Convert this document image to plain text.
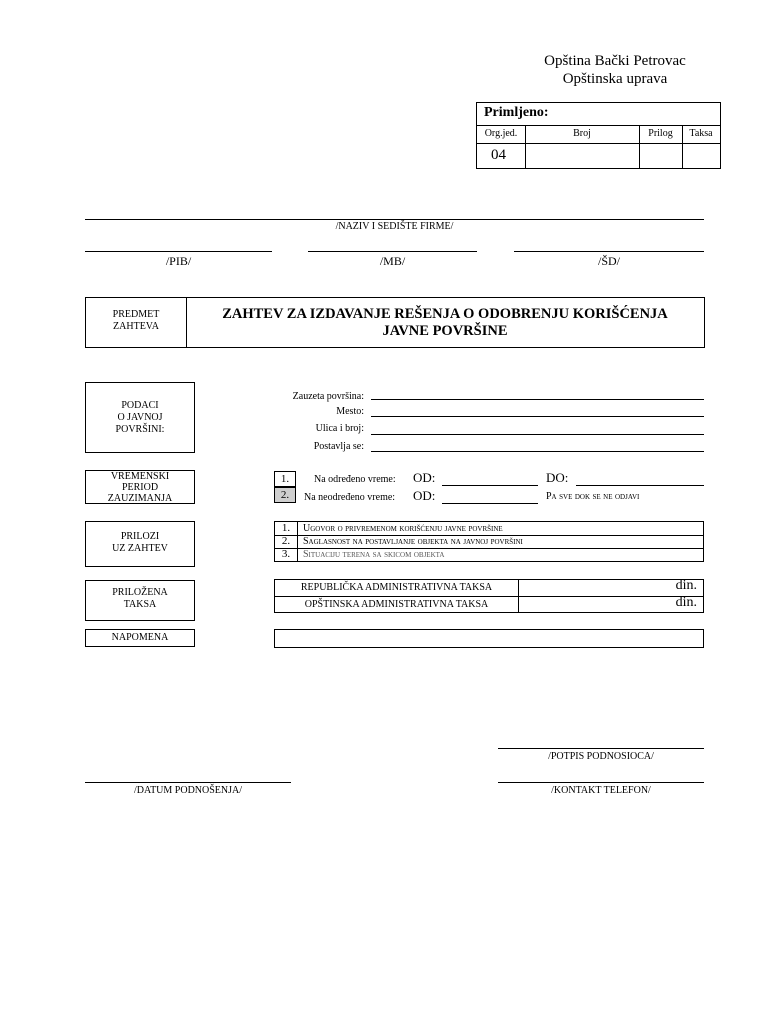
Opština Bački Petrovac
Opštinska uprava
Primljeno:
Org.jed.	Broj	Prilog	Taksa
04
/NAZIV I SEDIŠTE FIRME/
/PIB/	/MB/	/ŠD/
PREDMET
ZAHTEVA
ZAHTEV ZA IZDAVANJE REŠENJA O ODOBRENJU KORIŠĆENJA
JAVNE POVRŠINE
PODACI
O JAVNOJ
POVRŠINI:
Zauzeta površina:
Mesto:
Ulica i broj:
Postavlja se:
VREMENSKI
PERIOD
ZAUZIMANJA
1.
2.
Na određeno vreme: OD:	DO:
Na neodređeno vreme: OD:	Pa sve dok se ne odjavi
PRILOZI
UZ ZAHTEV
1.	Ugovor o privremenom korišćenju javne površine
2.	Saglasnost na postavljanje objekta na javnoj površini
3.	Situaciju terena sa skicom objekta
PRILOŽENA
TAKSA
REPUBLIČKA ADMINISTRATIVNA TAKSA	din.
OPŠTINSKA ADMINISTRATIVNA TAKSA	din.
NAPOMENA
/POTPIS PODNOSIOCA/
/DATUM PODNOŠENJA/	/KONTAKT TELEFON/
